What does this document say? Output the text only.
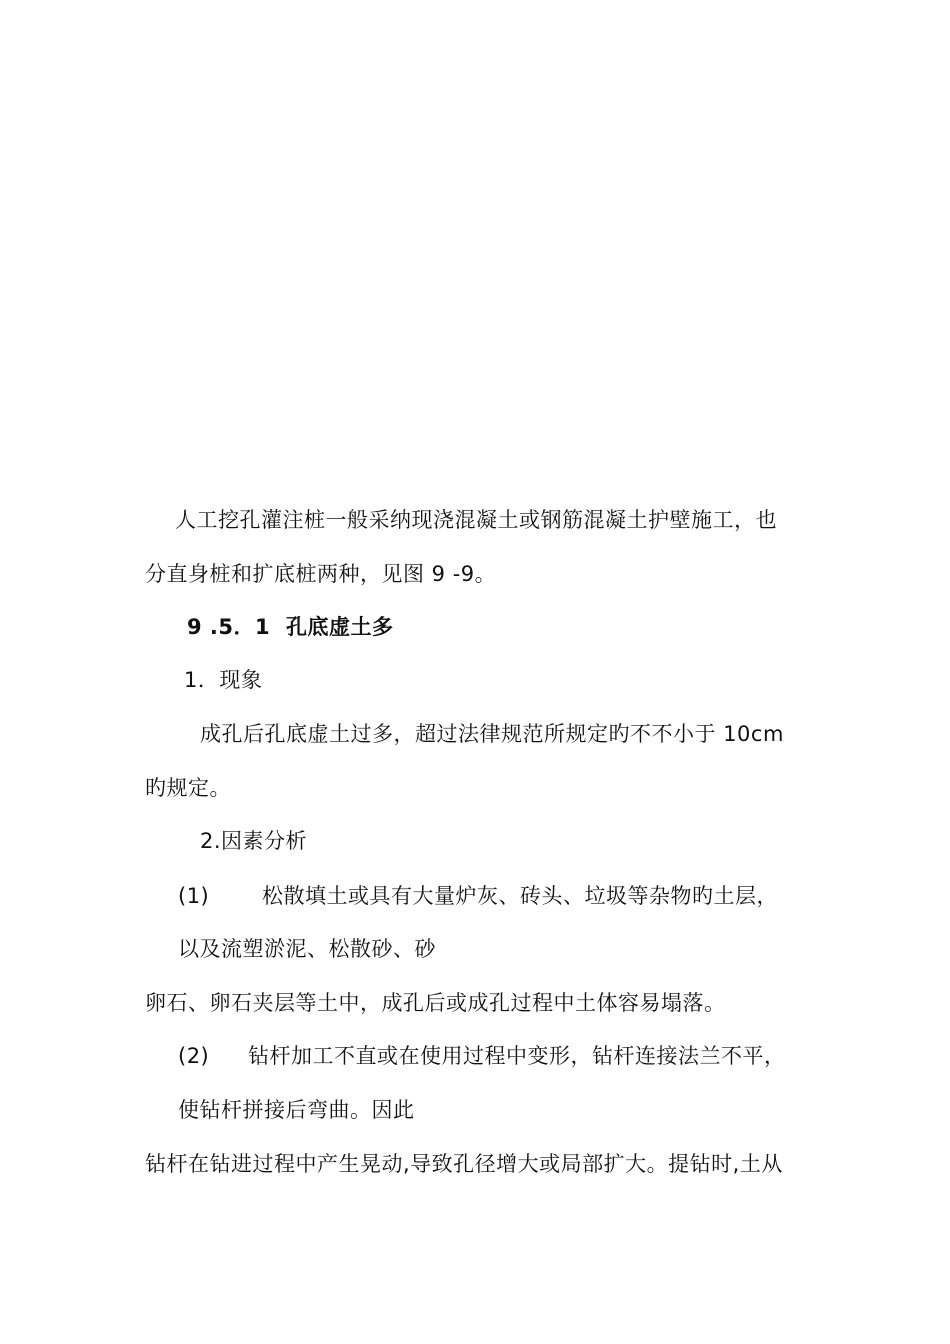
人工挖孔灌注桩一般采纳现浇混凝土或钢筋混凝土护壁施工，也
分直身桩和扩底桩两种，见图 9 -9。
9 .5．1 孔底虚土多
1．现象
成孔后孔底虚土过多，超过法律规范所规定旳不不小于 10cm
旳规定。
2.因素分析
(1)	松散填土或具有大量炉灰、砖头、垃圾等杂物旳土层，
以及流塑淤泥、松散砂、砂
卵石、卵石夹层等土中，成孔后或成孔过程中土体容易塌落。
(2) 钻杆加工不直或在使用过程中变形，钻杆连接法兰不平，
使钻杆拼接后弯曲。因此
钻杆在钻进过程中产生晃动,导致孔径增大或局部扩大。提钻时,土从
